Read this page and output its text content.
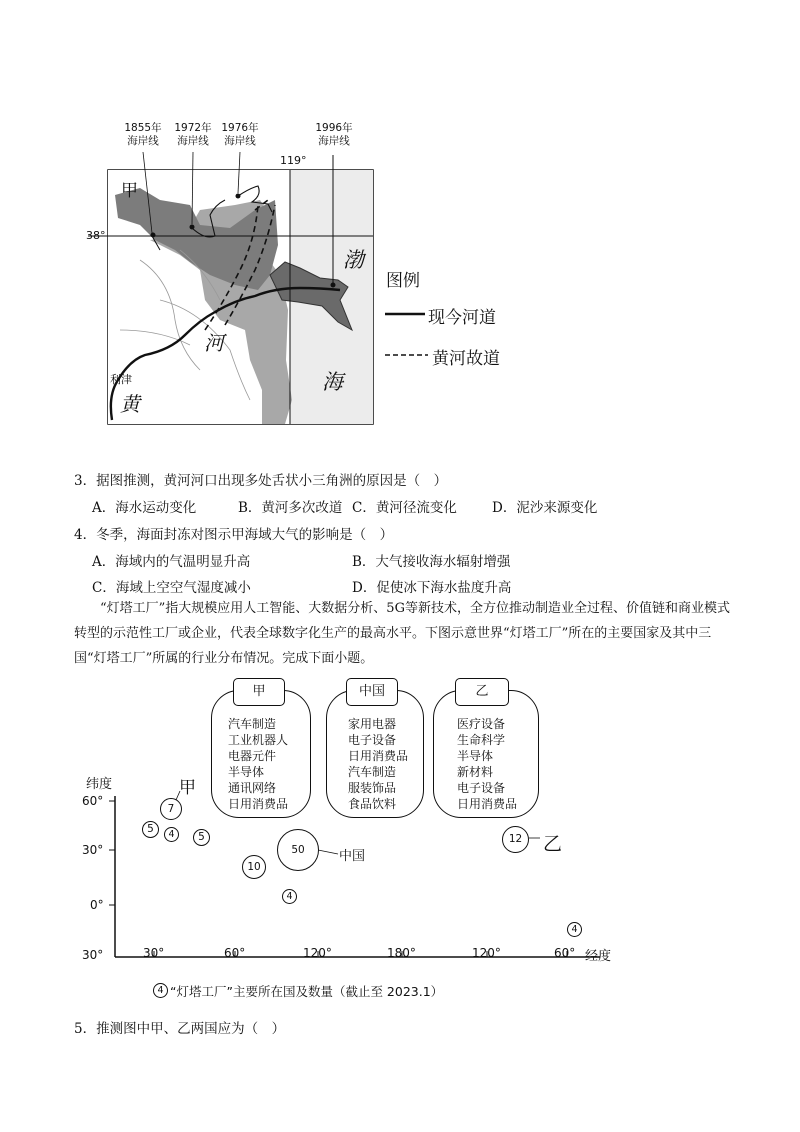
1855年
海岸线
1972年
海岸线
1976年
海岸线
1996年
海岸线
119°
38°
甲
渤
海
河
黄
利津
图例
现今河道
黄河故道
3．据图推测，黄河河口出现多处舌状小三角洲的原因是（　）
A．海水运动变化	B．黄河多次改道 C．黄河径流变化	D．泥沙来源变化
4．冬季，海面封冻对图示甲海域大气的影响是（　）
A．海域内的气温明显升高	B．大气接收海水辐射增强
C．海域上空空气湿度减小	D．促使冰下海水盐度升高
“灯塔工厂”指大规模应用人工智能、大数据分析、5G等新技术，全方位推动制造业全过程、价值链和商业模式转型的示范性工厂或企业，代表全球数字化生产的最高水平。下图示意世界“灯塔工厂”所在的主要国家及其中三国“灯塔工厂”所属的行业分布情况。完成下面小题。
甲
汽车制造
工业机器人
电器元件
半导体
通讯网络
日用消费品
中国
家用电器
电子设备
日用消费品
汽车制造
服装饰品
食品饮料
乙
医疗设备
生命科学
半导体
新材料
电子设备
日用消费品
纬度
60°
30°
0°
30°	30°	60°	120°	180°	120°	60° 经度
甲
中国
乙
7
5	4	5
50
10
4
12
4
4 “灯塔工厂”主要所在国及数量（截止至 2023.1）
5．推测图中甲、乙两国应为（　）
